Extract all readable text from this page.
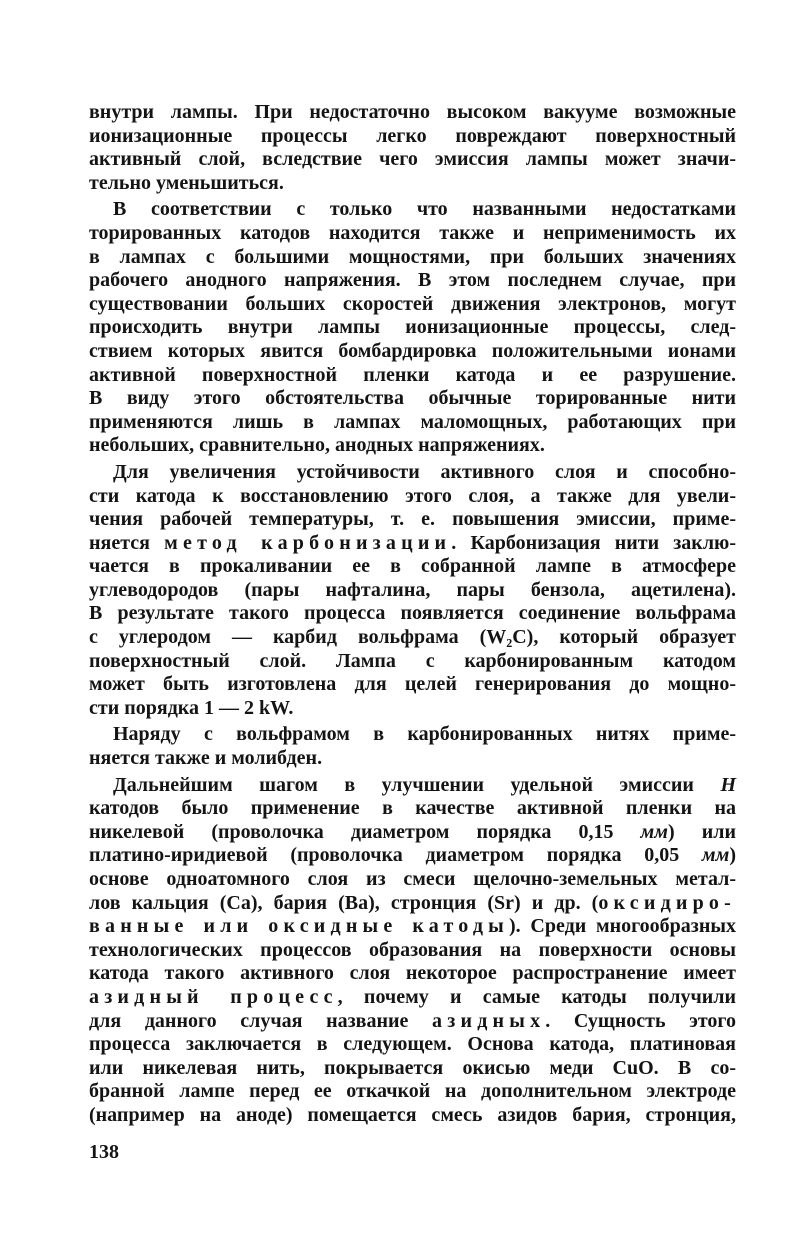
внутри лампы. При недостаточно высоком вакууме возможные
ионизационные процессы легко повреждают поверхностный
активный слой, вследствие чего эмиссия лампы может значи-
тельно уменьшиться.
В соответствии с только что названными недостатками
торированных катодов находится также и неприменимость их
в лампах с большими мощностями, при больших значениях
рабочего анодного напряжения. В этом последнем случае, при
существовании больших скоростей движения электронов, могут
происходить внутри лампы ионизационные процессы, след-
ствием которых явится бомбардировка положительными ионами
активной поверхностной пленки катода и ее разрушение.
В виду этого обстоятельства обычные торированные нити
применяются лишь в лампах маломощных, работающих при
небольших, сравнительно, анодных напряжениях.
Для увеличения устойчивости активного слоя и способно-
сти катода к восстановлению этого слоя, а также для увели-
чения рабочей температуры, т. е. повышения эмиссии, приме-
няется метод карбонизации. Карбонизация нити заклю-
чается в прокаливании ее в собранной лампе в атмосфере
углеводородов (пары нафталина, пары бензола, ацетилена).
В результате такого процесса появляется соединение вольфрама
с углеродом — карбид вольфрама (W₂C), который образует
поверхностный слой. Лампа с карбонированным катодом
может быть изготовлена для целей генерирования до мощно-
сти порядка 1 — 2 kW.
Наряду с вольфрамом в карбонированных нитях приме-
няется также и молибден.
Дальнейшим шагом в улучшении удельной эмиссии H
катодов было применение в качестве активной пленки на
никелевой (проволочка диаметром порядка 0,15 мм) или
платино-иридиевой (проволочка диаметром порядка 0,05 мм)
основе одноатомного слоя из смеси щелочно-земельных метал-
лов кальция (Ca), бария (Ba), стронция (Sr) и др. (оксидиро-
ванные или оксидные катоды). Среди многообразных
технологических процессов образования на поверхности основы
катода такого активного слоя некоторое распространение имеет
азидный процесс, почему и самые катоды получили
для данного случая название азидных. Сущность этого
процесса заключается в следующем. Основа катода, платиновая
или никелевая нить, покрывается окисью меди CuO. В со-
бранной лампе перед ее откачкой на дополнительном электроде
(например на аноде) помещается смесь азидов бария, стронция,
138
